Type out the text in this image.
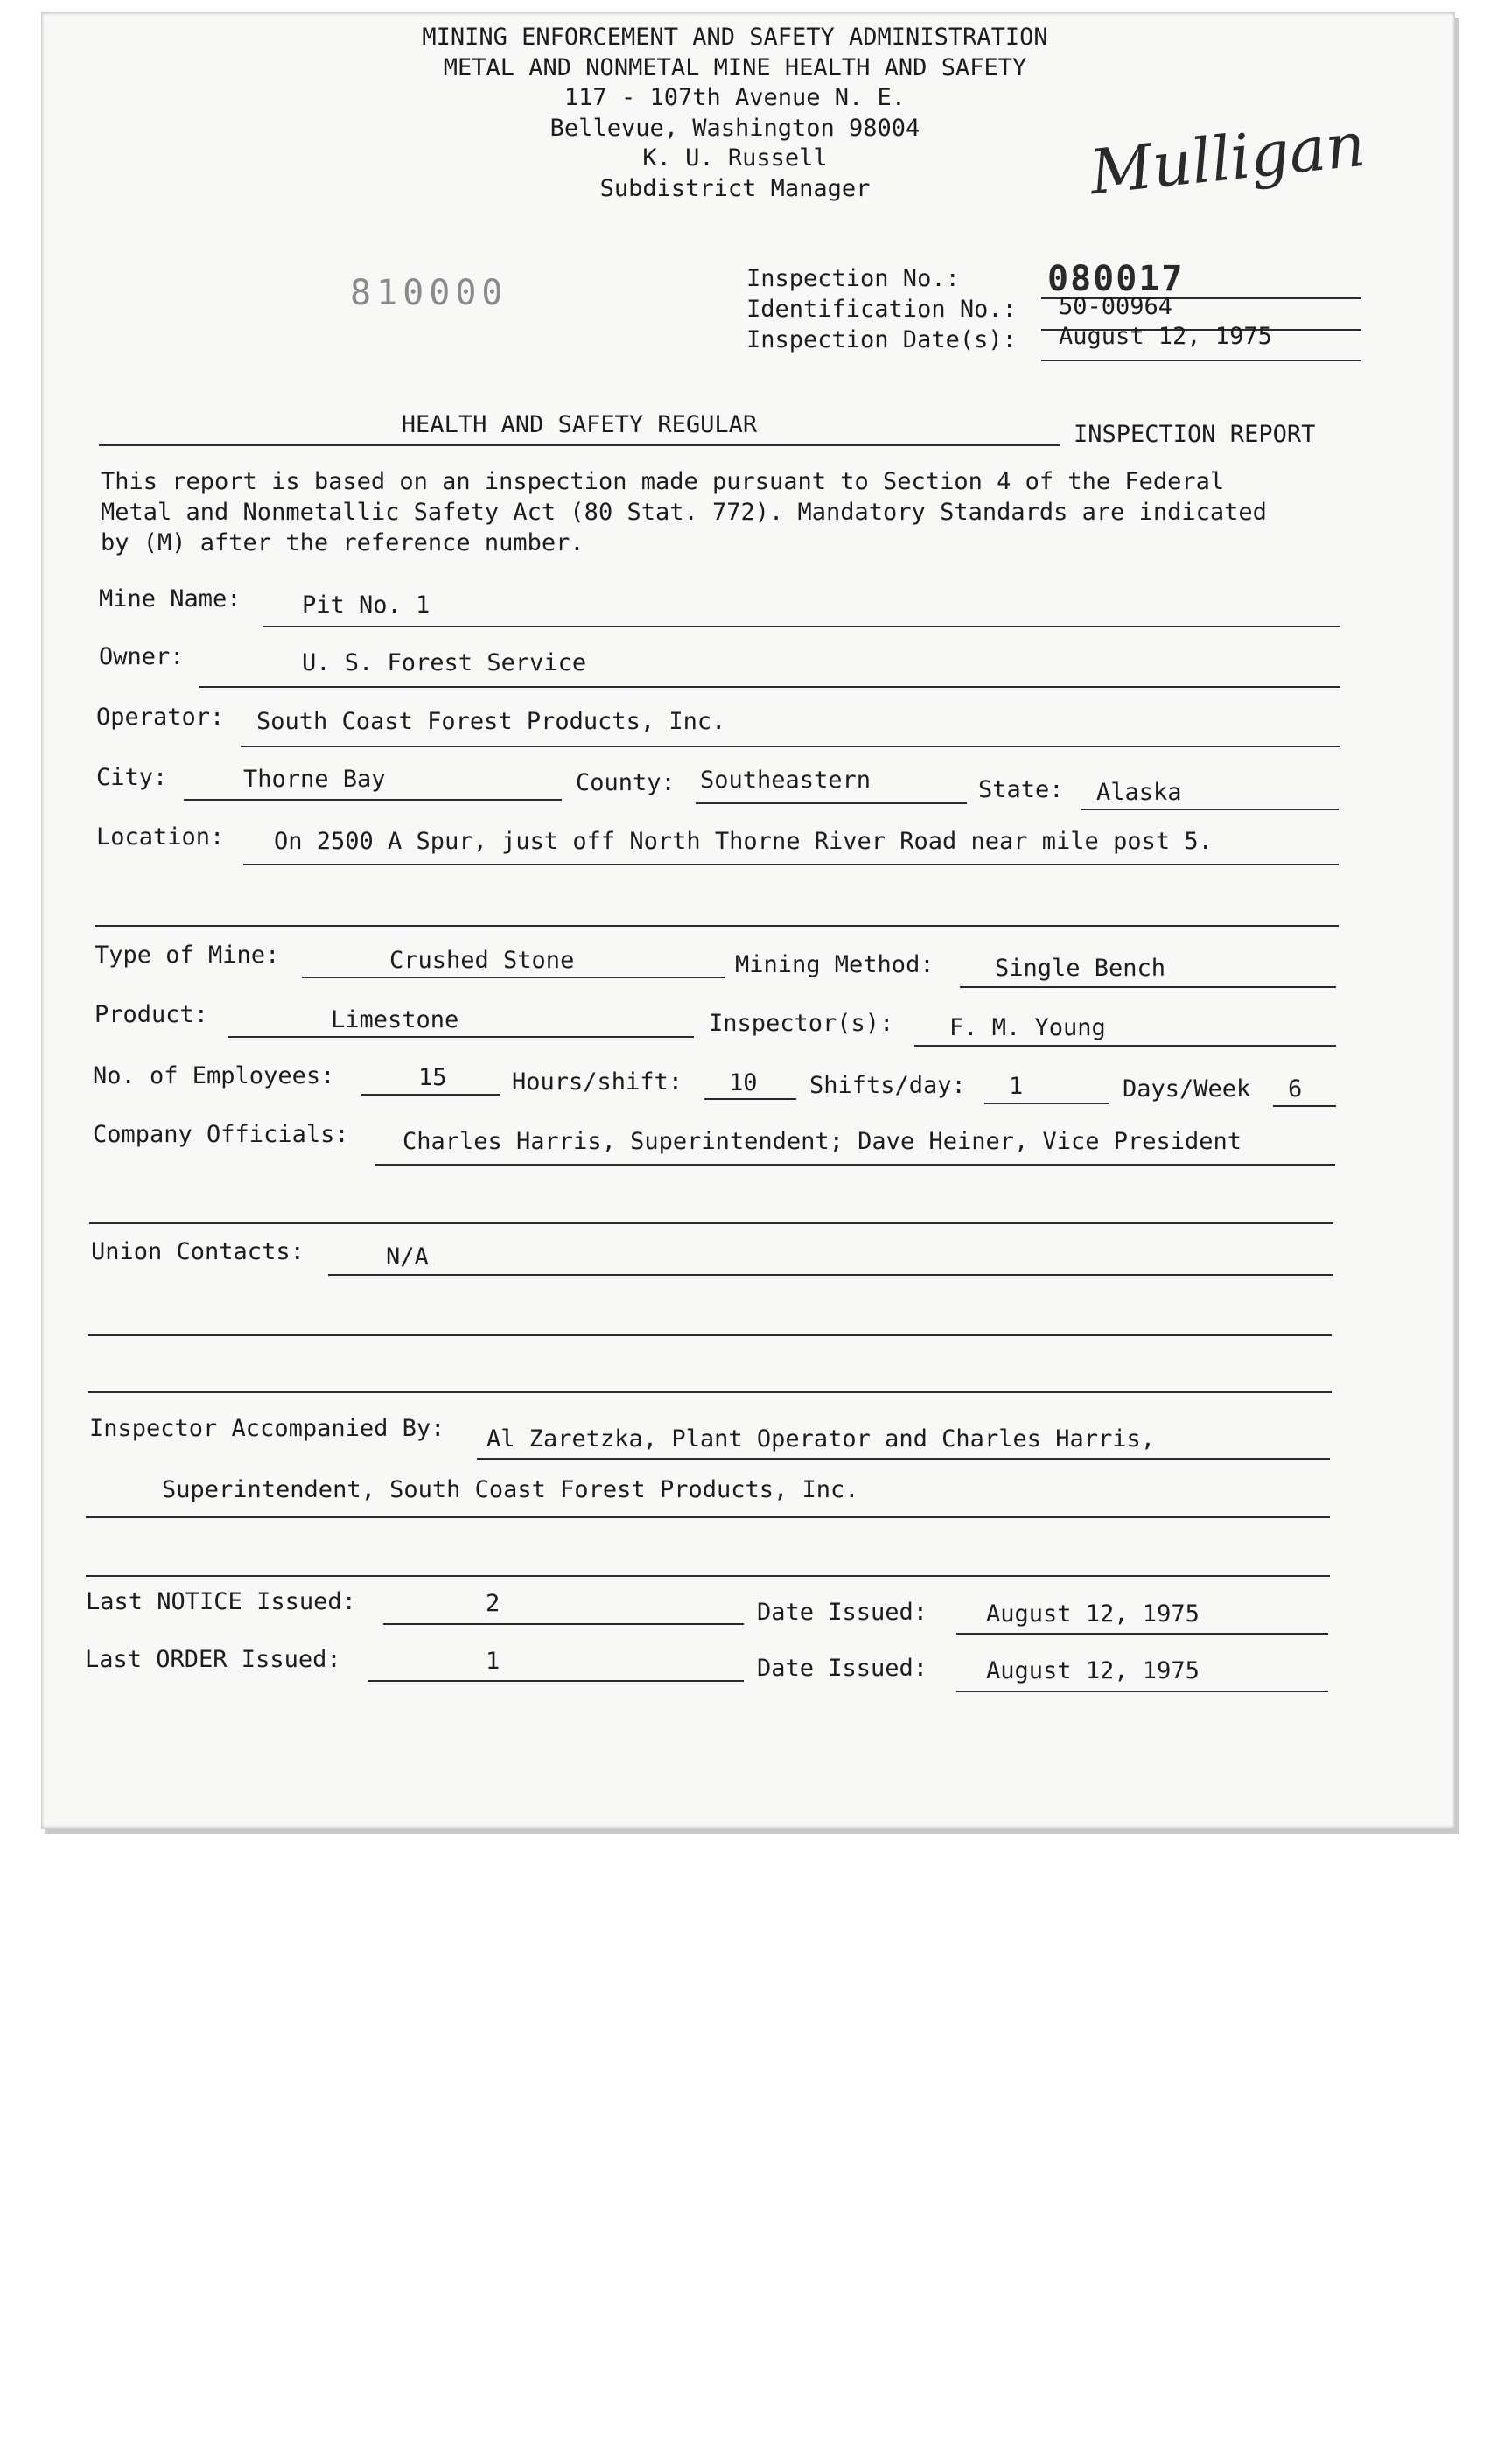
MINING ENFORCEMENT AND SAFETY ADMINISTRATION
METAL AND NONMETAL MINE HEALTH AND SAFETY
117 - 107th Avenue N. E.
Bellevue, Washington 98004
K. U. Russell
Subdistrict Manager	Mulligan
810000	Inspection No.:	080017
Identification No.: 50-00964
Inspection Date(s): August 12, 1975
HEALTH AND SAFETY REGULAR	INSPECTION REPORT
This report is based on an inspection made pursuant to Section 4 of the Federal
Metal and Nonmetallic Safety Act (80 Stat. 772). Mandatory Standards are indicated
by (M) after the reference number.
Mine Name:	Pit No. 1
Owner:	U. S. Forest Service
Operator: South Coast Forest Products, Inc.
City:	Thorne Bay	County: Southeastern	State: Alaska
Location: On 2500 A Spur, just off North Thorne River Road near mile post 5.
Type of Mine:	Crushed Stone	Mining Method:	Single Bench
Product:	Limestone	Inspector(s): F. M. Young
No. of Employees:	15	Hours/shift: 10 Shifts/day: 1	Days/Week 6
Company Officials: Charles Harris, Superintendent; Dave Heiner, Vice President
Union Contacts:	N/A
Inspector Accompanied By: Al Zaretzka, Plant Operator and Charles Harris,
Superintendent, South Coast Forest Products, Inc.
Last NOTICE Issued:	2	Date Issued: August 12, 1975
Last ORDER Issued:	1	Date Issued: August 12, 1975
